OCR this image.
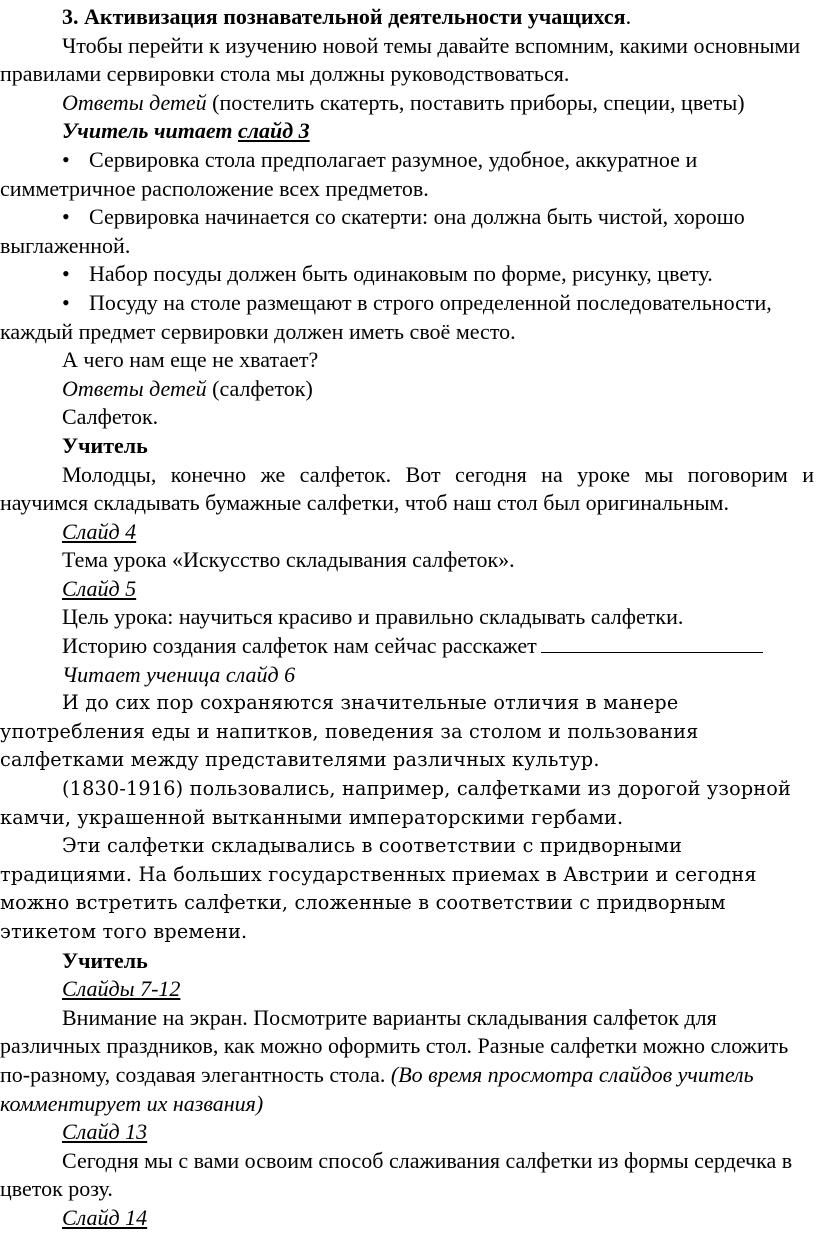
3. Активизация познавательной деятельности учащихся.

Чтобы перейти к изучению новой темы давайте вспомним, какими основными правилами сервировки стола мы должны руководствоваться.

Ответы детей (постелить скатерть, поставить приборы, специи, цветы)

Учитель читает слайд 3

• Сервировка стола предполагает разумное, удобное, аккуратное и симметричное расположение всех предметов.

• Сервировка начинается со скатерти: она должна быть чистой, хорошо выглаженной.

• Набор посуды должен быть одинаковым по форме, рисунку, цвету.

• Посуду на столе размещают в строго определенной последовательности, каждый предмет сервировки должен иметь своё место.

А чего нам еще не хватает?

Ответы детей (салфеток)

Салфеток.

Учитель

Молодцы, конечно же салфеток. Вот сегодня на уроке мы поговорим и научимся складывать бумажные салфетки, чтоб наш стол был оригинальным.

Слайд 4

Тема урока «Искусство складывания салфеток».

Слайд 5

Цель урока: научиться красиво и правильно складывать салфетки.

Историю создания салфеток нам сейчас расскажет

Читает ученица слайд 6

И до сих пор сохраняются значительные отличия в манере употребления еды и напитков, поведения за столом и пользования салфетками между представителями различных культур.

(1830-1916) пользовались, например, салфетками из дорогой узорной камчи, украшенной вытканными императорскими гербами.

Эти салфетки складывались в соответствии с придворными традициями. На больших государственных приемах в Австрии и сегодня можно встретить салфетки, сложенные в соответствии с придворным этикетом того времени.

Учитель

Слайды 7-12

Внимание на экран. Посмотрите варианты складывания салфеток для различных праздников, как можно оформить стол. Разные салфетки можно сложить по-разному, создавая элегантность стола. (Во время просмотра слайдов учитель комментирует их названия)

Слайд 13

Сегодня мы с вами освоим способ слаживания салфетки из формы сердечка в цветок розу.

Слайд 14
